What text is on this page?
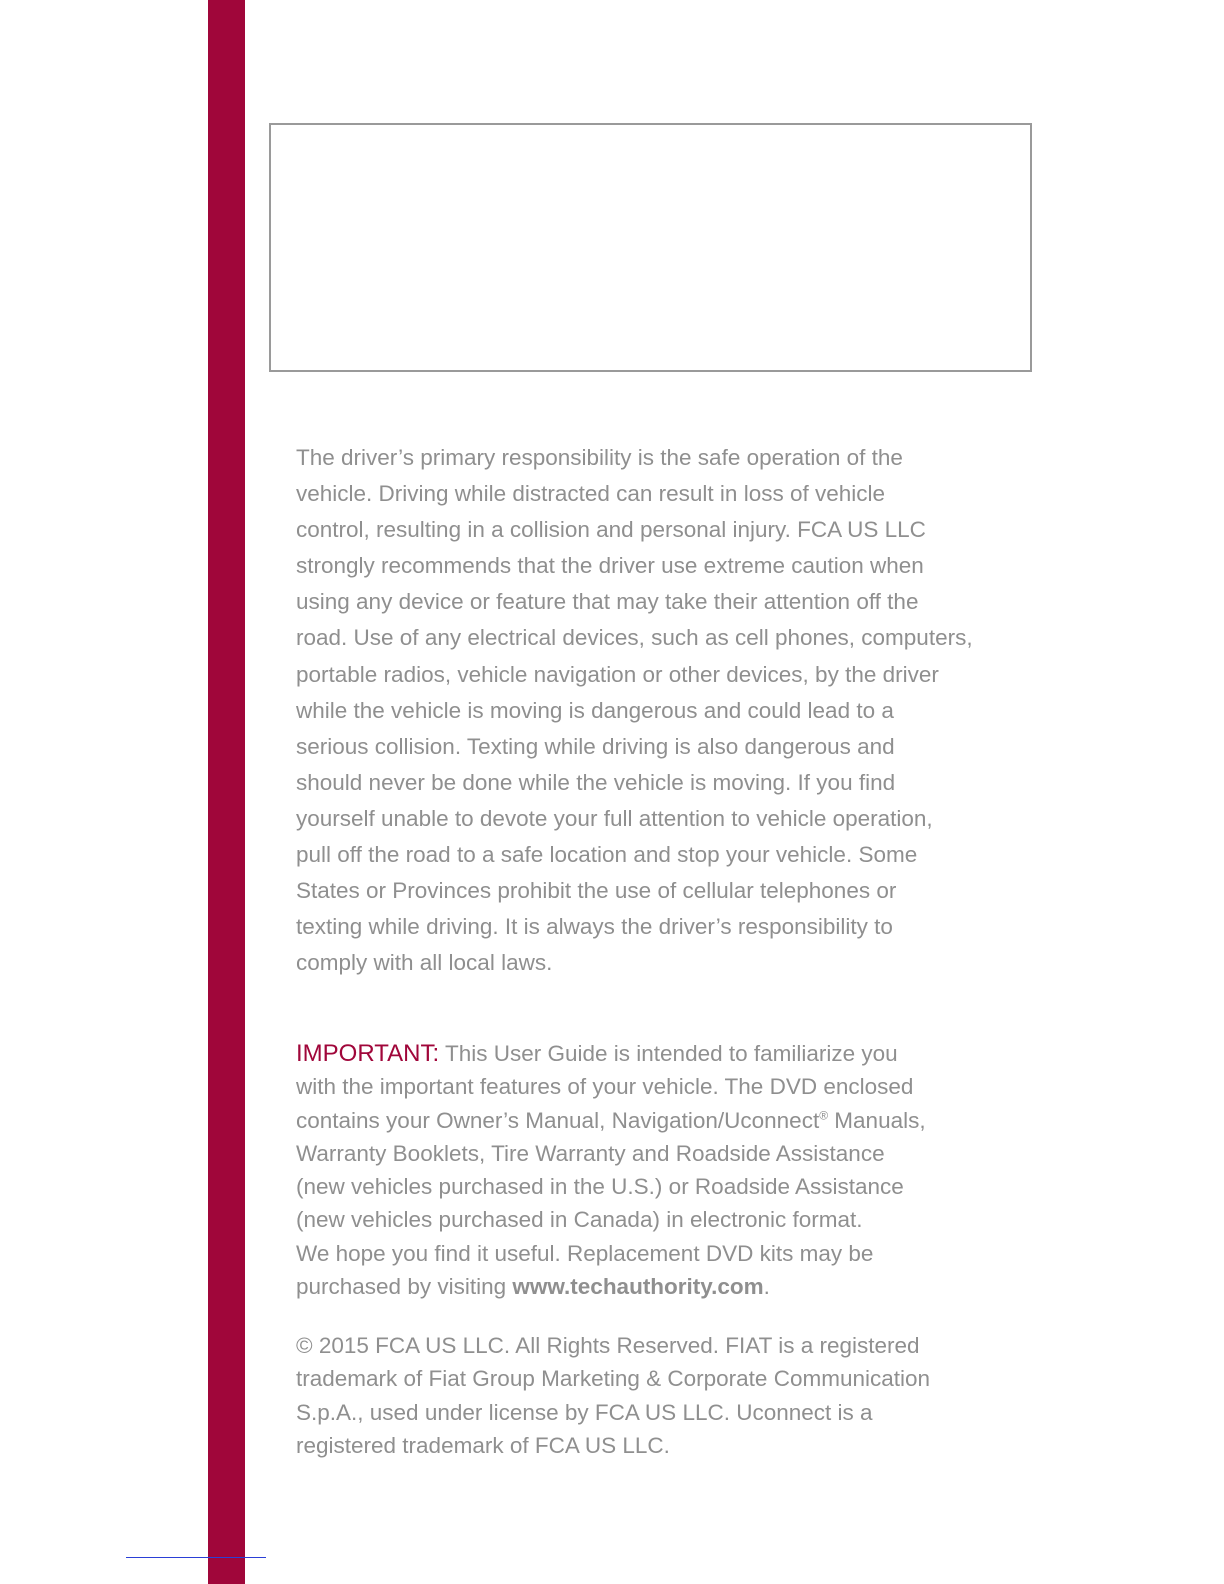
The driver’s primary responsibility is the safe operation of the
vehicle. Driving while distracted can result in loss of vehicle
control, resulting in a collision and personal injury. FCA US LLC
strongly recommends that the driver use extreme caution when
using any device or feature that may take their attention off the
road. Use of any electrical devices, such as cell phones, computers,
portable radios, vehicle navigation or other devices, by the driver
while the vehicle is moving is dangerous and could lead to a
serious collision. Texting while driving is also dangerous and
should never be done while the vehicle is moving. If you find
yourself unable to devote your full attention to vehicle operation,
pull off the road to a safe location and stop your vehicle. Some
States or Provinces prohibit the use of cellular telephones or
texting while driving. It is always the driver’s responsibility to
comply with all local laws.
IMPORTANT: This User Guide is intended to familiarize you
with the important features of your vehicle. The DVD enclosed
contains your Owner’s Manual, Navigation/Uconnect® Manuals,
Warranty Booklets, Tire Warranty and Roadside Assistance
(new vehicles purchased in the U.S.) or Roadside Assistance
(new vehicles purchased in Canada) in electronic format.
We hope you find it useful. Replacement DVD kits may be
purchased by visiting www.techauthority.com.
© 2015 FCA US LLC. All Rights Reserved. FIAT is a registered
trademark of Fiat Group Marketing & Corporate Communication
S.p.A., used under license by FCA US LLC. Uconnect is a
registered trademark of FCA US LLC.
